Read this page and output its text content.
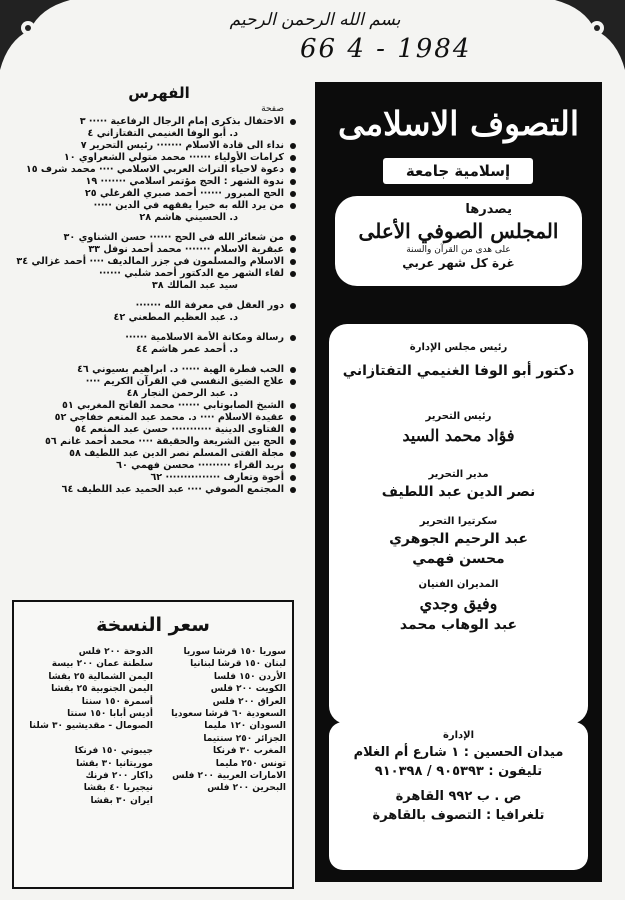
بسم الله الرحمن الرحيم
66 4 - 1984
الفهرس
صفحة
الاحتفال بذكرى إمام الرجال الرفاعية ····· ٣
د. أبو الوفا الغنيمي التفتازاني ٤
نداء الى قادة الاسلام ······· رئيس التحرير ٧
كرامات الأولياء ······ محمد متولي الشعراوي ١٠
دعوة لاحياء التراث العربي الاسلامي ···· محمد شرف ١٥
ندوة الشهر : الحج مؤتمر اسلامي ······· ١٩
الحج المبرور ······ أحمد صبري الفرغلي ٢٥
من يرد الله به خيرا يفقهه في الدين ·····
د. الحسيني هاشم ٢٨
من شعائر الله في الحج ······ حسن الشناوي ٣٠
عبقرية الاسلام ······· محمد أحمد نوفل ٣٣
الاسلام والمسلمون في جزر المالديف ···· أحمد غزالي ٣٤
لقاء الشهر مع الدكتور أحمد شلبي ······
سيد عبد المالك ٣٨
دور العقل في معرفة الله ·······
د. عبد العظيم المطعني ٤٢
رسالة ومكانة الأمة الاسلامية ······
د. أحمد عمر هاشم ٤٤
الحب فطرة الهية ····· د. ابراهيم بسيوني ٤٦
علاج الضيق النفسي في القرآن الكريم ····
د. عبد الرحمن النجار ٤٨
الشيخ الصابوتابي ······ محمد الفاتح المغربي ٥١
عقيدة الاسلام ···· د. محمد عبد المنعم خفاجي ٥٢
الفتاوى الدينية ··········· حسن عبد المنعم ٥٤
الحج بين الشريعة والحقيقة ···· محمد أحمد غانم ٥٦
مجلة الفتى المسلم نصر الدين عبد اللطيف ٥٨
بريد القراء ········· محسن فهمي ٦٠
أخوة وتعارف ··············· ٦٢
المجتمع الصوفي ···· عبد الحميد عبد اللطيف ٦٤
سعر النسخة
سوريا ١٥٠ قرشا سوريا
لبنان ١٥٠ قرشا لبنانيا
الأردن ١٥٠ فلسا
الكويت ٢٠٠ فلس
العراق ٢٠٠ فلس
السعودية ٦٠ قرشا سعوديا
السودان ١٢٠ مليما
الجزائر ٢٥٠ سنتيما
المغرب ٣٠ فرنكا
تونس ٢٥٠ مليما
الامارات العربية ٢٠٠ فلس
البحرين ٢٠٠ فلس
الدوحة ٢٠٠ فلس
سلطنة عمان ٢٠٠ بيسة
اليمن الشمالية ٢٥ بقشا
اليمن الجنوبية ٢٥ بقشا
أسمرة ١٥٠ سنتا
أديس أبابا ١٥٠ سنتا
الصومال - مقديشيو ٣٠ شلنا

جيبوتي ١٥٠ فرنكا
موريتانيا ٣٠ بقشا
داكار ٢٠٠ فرنك
نيجيريا ٤٠ بقشا
ايران ٣٠ بقشا
التصوف الاسلامى
إسلامية جامعة
يصدرها
المجلس الصوفي الأعلى
على هدى من القرآن والسنة
غرة كل شهر عربي
رئيس مجلس الإدارة
دكتور أبو الوفا الغنيمي التفتازاني
رئيس التحرير
فؤاد محمد السيد
مدير التحرير
نصر الدين عبد اللطيف
سكرتيرا التحرير
عبد الرحيم الجوهري
محسن فهمي
المديران الفنيان
وفيق وجدي
عبد الوهاب محمد
الإدارة
ميدان الحسين : ١ شارع أم الغلام
تليفون : ٩٠٥٣٩٣ / ٩١٠٣٩٨
ص . ب ٩٩٢ القاهرة
تلغرافيا : التصوف بالقاهرة
